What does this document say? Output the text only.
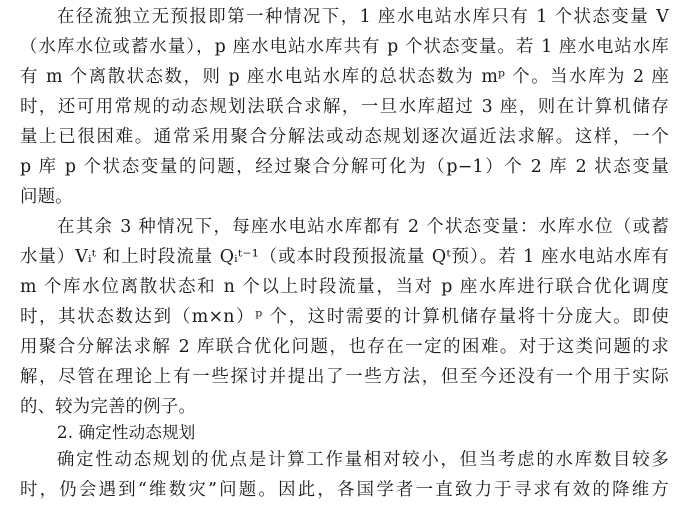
在径流独立无预报即第一种情况下，1 座水电站水库只有 1 个状态变量 V
（水库水位或蓄水量），p 座水电站水库共有 p 个状态变量。若 1 座水电站水库
有 m 个离散状态数，则 p 座水电站水库的总状态数为 mᵖ 个。当水库为 2 座
时，还可用常规的动态规划法联合求解，一旦水库超过 3 座，则在计算机储存
量上已很困难。通常采用聚合分解法或动态规划逐次逼近法求解。这样，一个
p 库 p 个状态变量的问题，经过聚合分解可化为（p−1）个 2 库 2 状态变量
问题。
在其余 3 种情况下，每座水电站水库都有 2 个状态变量：水库水位（或蓄
水量）Vᵢᵗ 和上时段流量 Qᵢᵗ⁻¹（或本时段预报流量 Qᵗ预）。若 1 座水电站水库有
m 个库水位离散状态和 n 个以上时段流量，当对 p 座水库进行联合优化调度
时，其状态数达到（m×n）ᵖ 个，这时需要的计算机储存量将十分庞大。即使
用聚合分解法求解 2 库联合优化问题，也存在一定的困难。对于这类问题的求
解，尽管在理论上有一些探讨并提出了一些方法，但至今还没有一个用于实际
的、较为完善的例子。
2. 确定性动态规划
确定性动态规划的优点是计算工作量相对较小，但当考虑的水库数目较多
时，仍会遇到“维数灾”问题。因此，各国学者一直致力于寻求有效的降维方
